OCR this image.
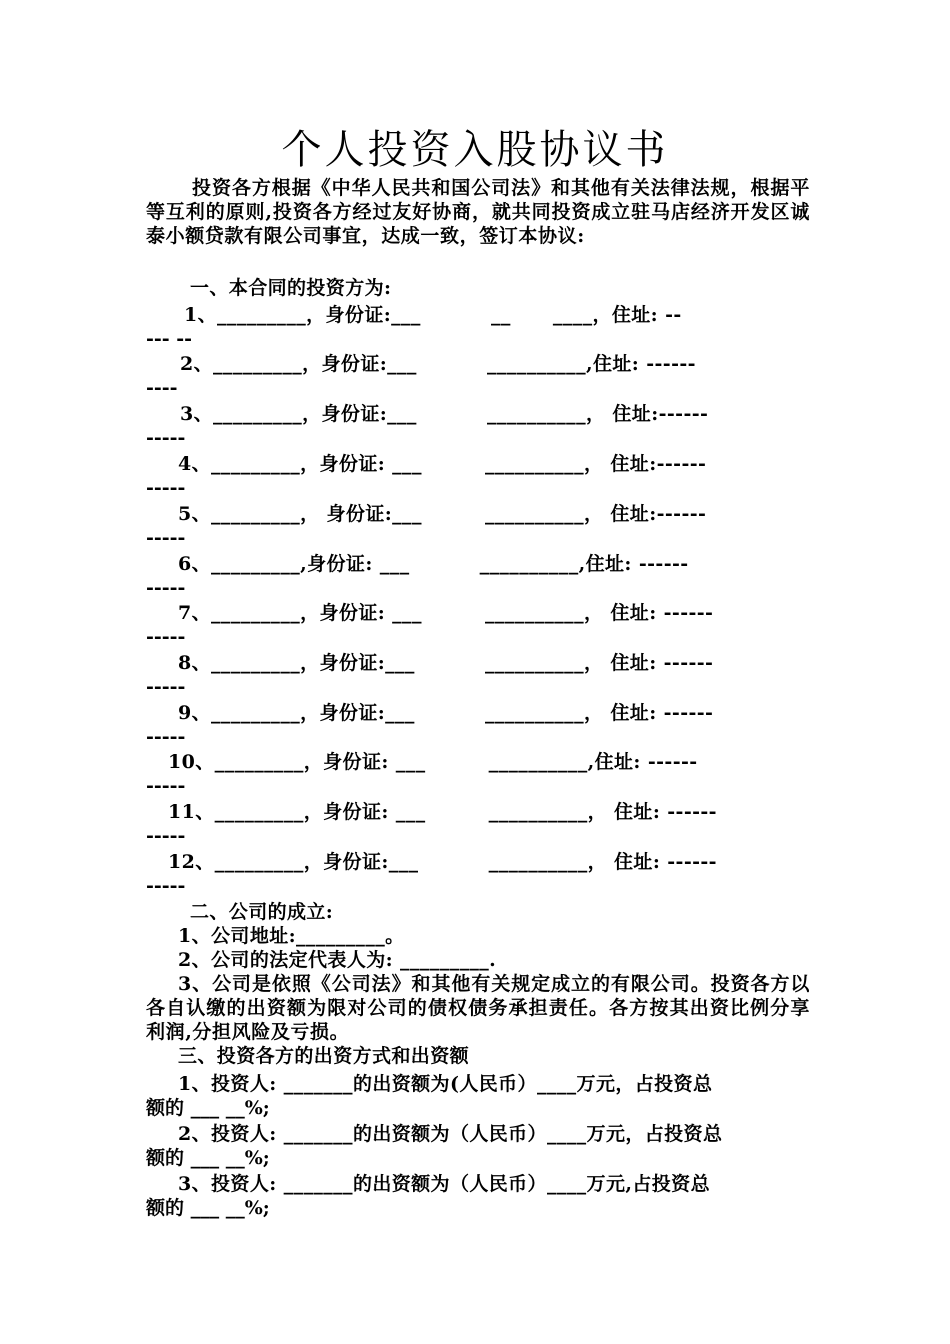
个人投资入股协议书
投资各方根据《中华人民共和国公司法》和其他有关法律法规，根据平等互利的原则,投资各方经过友好协商，就共同投资成立驻马店经济开发区诚泰小额贷款有限公司事宜，达成一致，签订本协议:
一、本合同的投资方为:
1、_________，身份证:___          __      ____，住址: --
--- --
2、_________，身份证:___          __________,住址: ------
----
3、_________，身份证:___          __________， 住址:------
-----
4、_________，身份证: ___         __________， 住址:------
-----
5、_________， 身份证:___         __________， 住址:------
-----
6、_________,身份证: ___          __________,住址: ------
-----
7、_________，身份证: ___         __________， 住址: ------
-----
8、_________，身份证:___          __________， 住址: ------
-----
9、_________，身份证:___          __________， 住址: ------
-----
10、_________，身份证: ___         __________,住址: ------
-----
11、_________，身份证: ___         __________， 住址: ------
-----
12、_________，身份证:___          __________， 住址: ------
-----
二、公司的成立:
1、公司地址:_________。
2、公司的法定代表人为: _________.
3、公司是依照《公司法》和其他有关规定成立的有限公司。投资各方以各自认缴的出资额为限对公司的债权债务承担责任。各方按其出资比例分享利润,分担风险及亏损。
三、投资各方的出资方式和出资额
1、投资人: _______的出资额为(人民币）____万元，占投资总
额的 ___ __%;
2、投资人: _______的出资额为（人民币）____万元，占投资总
额的 ___ __%;
3、投资人: _______的出资额为（人民币）____万元,占投资总
额的 ___ __%;
